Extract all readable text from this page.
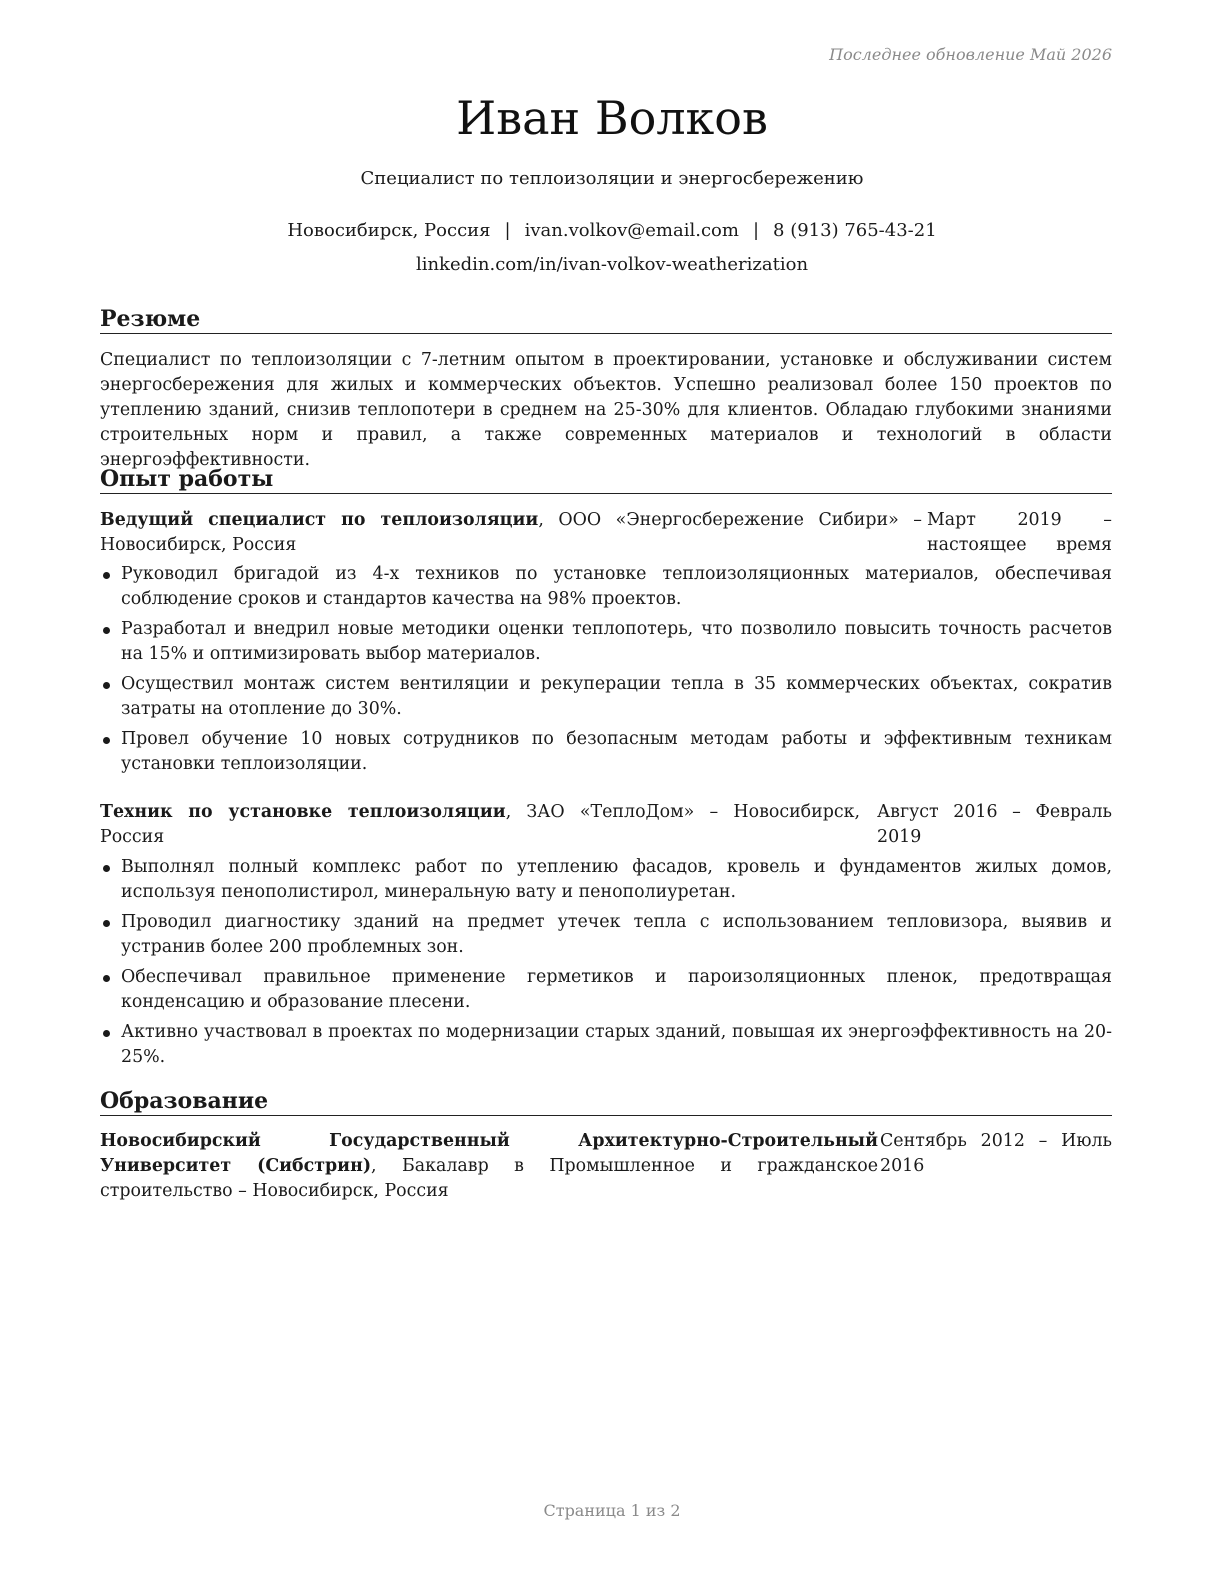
Последнее обновление Май 2026
Иван Волков
Специалист по теплоизоляции и энергосбережению
Новосибирск, Россия | ivan.volkov@email.com | 8 (913) 765-43-21
linkedin.com/in/ivan-volkov-weatherization
Резюме
Специалист по теплоизоляции с 7-летним опытом в проектировании, установке и обслуживании систем энергосбережения для жилых и коммерческих объектов. Успешно реализовал более 150 проектов по утеплению зданий, снизив теплопотери в среднем на 25-30% для клиентов. Обладаю глубокими знаниями строительных норм и правил, а также современных материалов и технологий в области энергоэффективности.
Опыт работы
Ведущий специалист по теплоизоляции, ООО «Энергосбережение Сибири» – Новосибирск, Россия
Март 2019 – настоящее время
Руководил бригадой из 4-х техников по установке теплоизоляционных материалов, обеспечивая соблюдение сроков и стандартов качества на 98% проектов.
Разработал и внедрил новые методики оценки теплопотерь, что позволило повысить точность расчетов на 15% и оптимизировать выбор материалов.
Осуществил монтаж систем вентиляции и рекуперации тепла в 35 коммерческих объектах, сократив затраты на отопление до 30%.
Провел обучение 10 новых сотрудников по безопасным методам работы и эффективным техникам установки теплоизоляции.
Техник по установке теплоизоляции, ЗАО «ТеплоДом» – Новосибирск, Россия
Август 2016 – Февраль 2019
Выполнял полный комплекс работ по утеплению фасадов, кровель и фундаментов жилых домов, используя пенополистирол, минеральную вату и пенополиуретан.
Проводил диагностику зданий на предмет утечек тепла с использованием тепловизора, выявив и устранив более 200 проблемных зон.
Обеспечивал правильное применение герметиков и пароизоляционных пленок, предотвращая конденсацию и образование плесени.
Активно участвовал в проектах по модернизации старых зданий, повышая их энергоэффективность на 20-25%.
Образование
Новосибирский Государственный Архитектурно-Строительный Университет (Сибстрин), Бакалавр в Промышленное и гражданское строительство – Новосибирск, Россия
Сентябрь 2012 – Июль 2016
Страница 1 из 2
